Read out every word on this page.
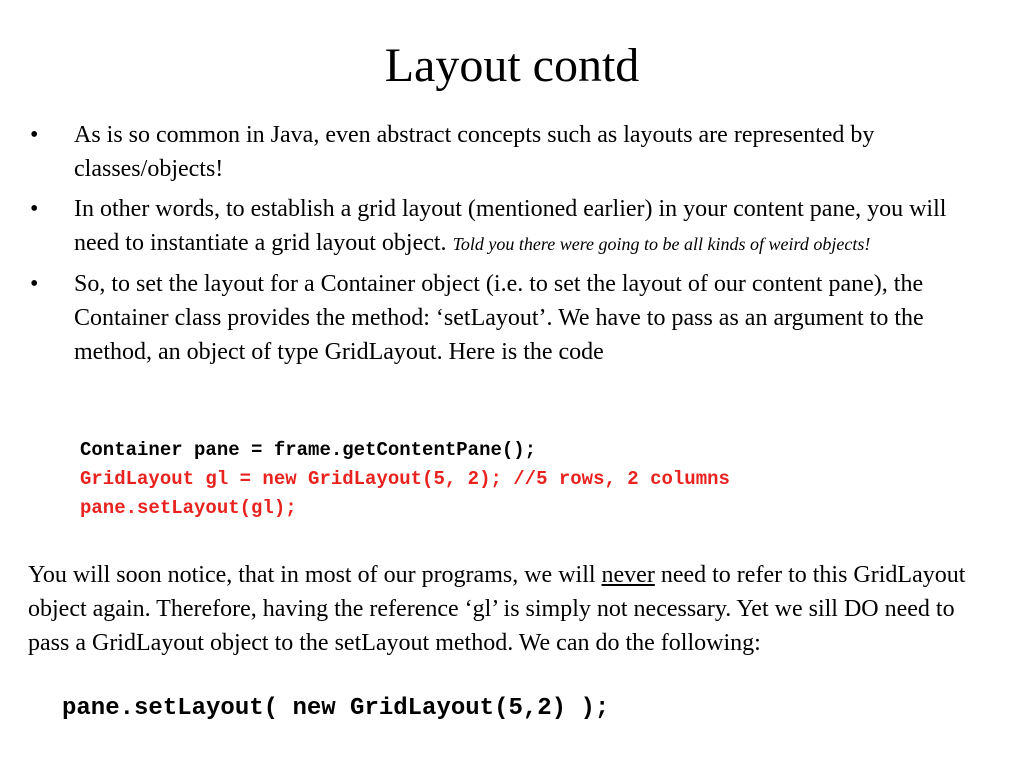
Layout contd
•	As is so common in Java, even abstract concepts such as layouts are represented by classes/objects!
•	In other words, to establish a grid layout (mentioned earlier) in your content pane, you will need to instantiate a grid layout object. Told you there were going to be all kinds of weird objects!
•	So, to set the layout for a Container object (i.e. to set the layout of our content pane), the Container class provides the method: ‘setLayout’. We have to pass as an argument to the method, an object of type GridLayout. Here is the code
Container pane = frame.getContentPane();
GridLayout gl = new GridLayout(5, 2); //5 rows, 2 columns
pane.setLayout(gl);
You will soon notice, that in most of our programs, we will never need to refer to this GridLayout object again. Therefore, having the reference ‘gl’ is simply not necessary. Yet we sill DO need to pass a GridLayout object to the setLayout method. We can do the following:
pane.setLayout( new GridLayout(5,2) );
